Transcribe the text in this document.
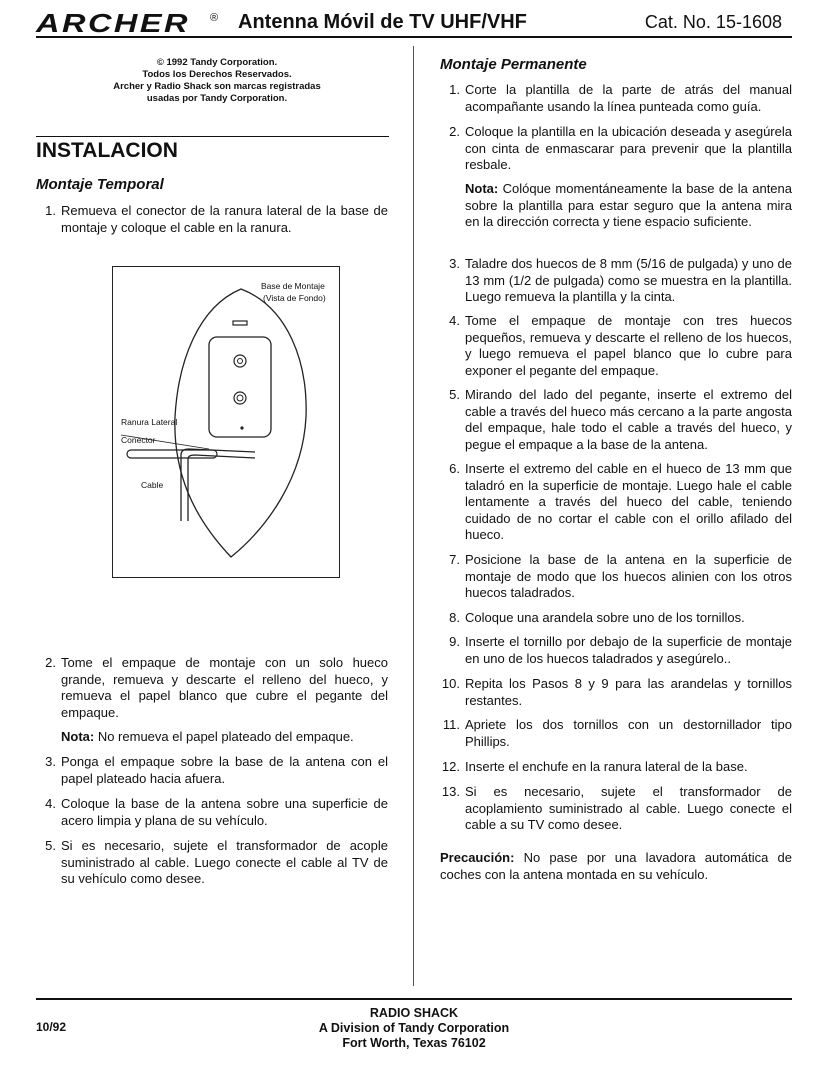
ARCHER ® Antenna Móvil de TV UHF/VHF	Cat. No. 15-1608
© 1992 Tandy Corporation.
Todos los Derechos Reservados.
Archer y Radio Shack son marcas registradas
usadas por Tandy Corporation.
INSTALACION
Montaje Temporal
1. Remueva el conector de la ranura lateral de la base de montaje y coloque el cable en la ranura.
Base de Montaje
(Vista de Fondo)
Ranura Lateral
Conector
Cable
2. Tome el empaque de montaje con un solo hueco grande, remueva y descarte el relleno del hueco, y remueva el papel blanco que cubre el pegante del empaque.
Nota: No remueva el papel plateado del empaque.
3. Ponga el empaque sobre la base de la antena con el papel plateado hacia afuera.
4. Coloque la base de la antena sobre una superficie de acero limpia y plana de su vehículo.
5. Si es necesario, sujete el transformador de acople suministrado al cable. Luego conecte el cable al TV de su vehículo como desee.
Montaje Permanente
1. Corte la plantilla de la parte de atrás del manual acompañante usando la línea punteada como guía.
2. Coloque la plantilla en la ubicación deseada y asegúrela con cinta de enmascarar para prevenir que la plantilla resbale.
Nota: Colóque momentáneamente la base de la antena sobre la plantilla para estar seguro que la antena mira en la dirección correcta y tiene espacio suficiente.
3. Taladre dos huecos de 8 mm (5/16 de pulgada) y uno de 13 mm (1/2 de pulgada) como se muestra en la plantilla. Luego remueva la plantilla y la cinta.
4. Tome el empaque de montaje con tres huecos pequeños, remueva y descarte el relleno de los huecos, y luego remueva el papel blanco que lo cubre para exponer el pegante del empaque.
5. Mirando del lado del pegante, inserte el extremo del cable a través del hueco más cercano a la parte angosta del empaque, hale todo el cable a través del hueco, y pegue el empaque a la base de la antena.
6. Inserte el extremo del cable en el hueco de 13 mm que taladró en la superficie de montaje. Luego hale el cable lentamente a través del hueco del cable, teniendo cuidado de no cortar el cable con el orillo afilado del hueco.
7. Posicione la base de la antena en la superficie de montaje de modo que los huecos alinien con los otros huecos taladrados.
8. Coloque una arandela sobre uno de los tornillos.
9. Inserte el tornillo por debajo de la superficie de montaje en uno de los huecos taladrados y asegúrelo..
10. Repita los Pasos 8 y 9 para las arandelas y tornillos restantes.
11. Apriete los dos tornillos con un destornillador tipo Phillips.
12. Inserte el enchufe en la ranura lateral de la base.
13. Si es necesario, sujete el transformador de acoplamiento suministrado al cable. Luego conecte el cable a su TV como desee.
Precaución: No pase por una lavadora automática de coches con la antena montada en su vehículo.
10/92
RADIO SHACK
A Division of Tandy Corporation
Fort Worth, Texas 76102
